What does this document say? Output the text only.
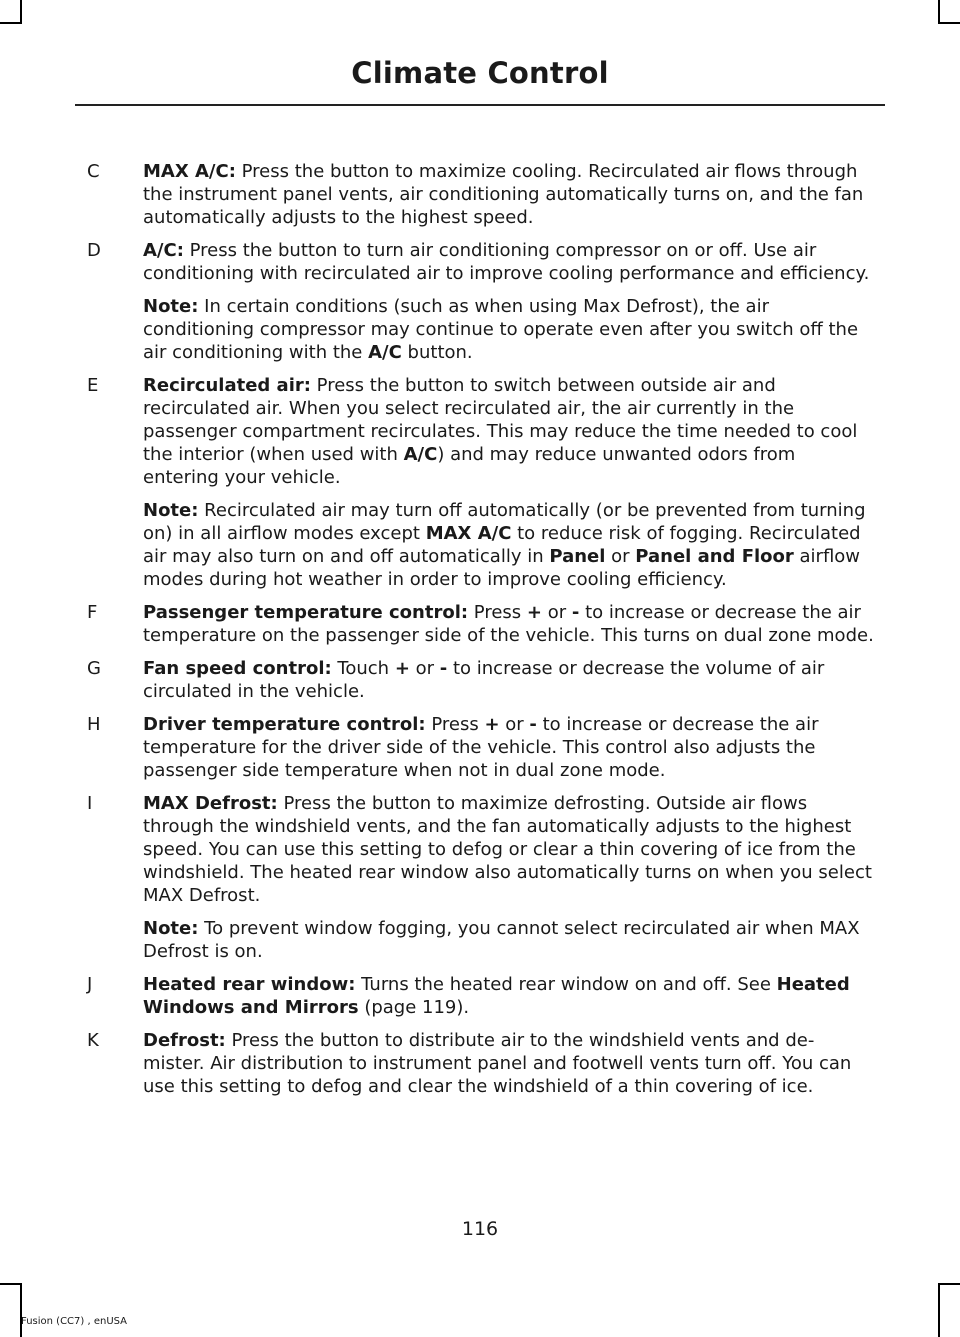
Climate Control
C	MAX A/C: Press the button to maximize cooling. Recirculated air flows through the instrument panel vents, air conditioning automatically turns on, and the fan automatically adjusts to the highest speed.

D	A/C: Press the button to turn air conditioning compressor on or off. Use air conditioning with recirculated air to improve cooling performance and efficiency.

Note: In certain conditions (such as when using Max Defrost), the air conditioning compressor may continue to operate even after you switch off the air conditioning with the A/C button.

E	Recirculated air: Press the button to switch between outside air and recirculated air. When you select recirculated air, the air currently in the passenger compartment recirculates. This may reduce the time needed to cool the interior (when used with A/C) and may reduce unwanted odors from entering your vehicle.

Note: Recirculated air may turn off automatically (or be prevented from turning on) in all airflow modes except MAX A/C to reduce risk of fogging. Recirculated air may also turn on and off automatically in Panel or Panel and Floor airflow modes during hot weather in order to improve cooling efficiency.

F	Passenger temperature control: Press + or - to increase or decrease the air temperature on the passenger side of the vehicle. This turns on dual zone mode.

G	Fan speed control: Touch + or - to increase or decrease the volume of air circulated in the vehicle.

H	Driver temperature control: Press + or - to increase or decrease the air temperature for the driver side of the vehicle. This control also adjusts the passenger side temperature when not in dual zone mode.

I	MAX Defrost: Press the button to maximize defrosting. Outside air flows through the windshield vents, and the fan automatically adjusts to the highest speed. You can use this setting to defog or clear a thin covering of ice from the windshield. The heated rear window also automatically turns on when you select MAX Defrost.

Note: To prevent window fogging, you cannot select recirculated air when MAX Defrost is on.

J	Heated rear window: Turns the heated rear window on and off. See Heated Windows and Mirrors (page 119).

K	Defrost: Press the button to distribute air to the windshield vents and de-mister. Air distribution to instrument panel and footwell vents turn off. You can use this setting to defog and clear the windshield of a thin covering of ice.

116
Fusion (CC7) , enUSA
